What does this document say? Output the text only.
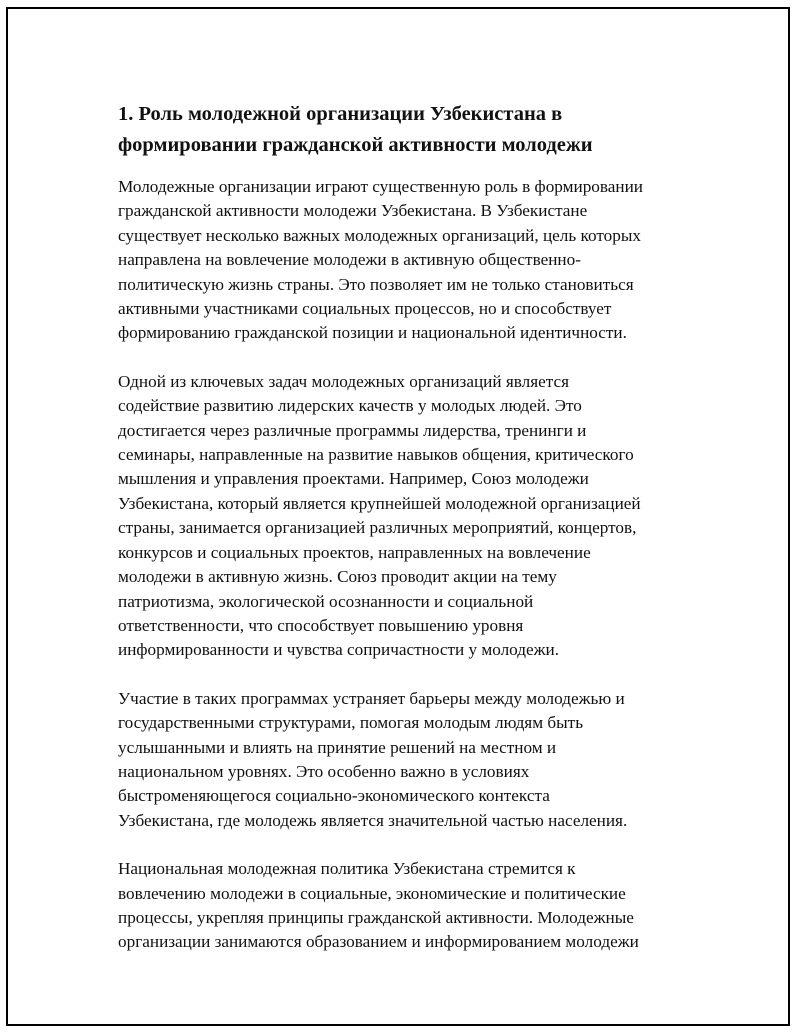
1. Роль молодежной организации Узбекистана в
формировании гражданской активности молодежи

Молодежные организации играют существенную роль в формировании
гражданской активности молодежи Узбекистана. В Узбекистане
существует несколько важных молодежных организаций, цель которых
направлена на вовлечение молодежи в активную общественно-
политическую жизнь страны. Это позволяет им не только становиться
активными участниками социальных процессов, но и способствует
формированию гражданской позиции и национальной идентичности.

Одной из ключевых задач молодежных организаций является
содействие развитию лидерских качеств у молодых людей. Это
достигается через различные программы лидерства, тренинги и
семинары, направленные на развитие навыков общения, критического
мышления и управления проектами. Например, Союз молодежи
Узбекистана, который является крупнейшей молодежной организацией
страны, занимается организацией различных мероприятий, концертов,
конкурсов и социальных проектов, направленных на вовлечение
молодежи в активную жизнь. Союз проводит акции на тему
патриотизма, экологической осознанности и социальной
ответственности, что способствует повышению уровня
информированности и чувства сопричастности у молодежи.

Участие в таких программах устраняет барьеры между молодежью и
государственными структурами, помогая молодым людям быть
услышанными и влиять на принятие решений на местном и
национальном уровнях. Это особенно важно в условиях
быстроменяющегося социально-экономического контекста
Узбекистана, где молодежь является значительной частью населения.

Национальная молодежная политика Узбекистана стремится к
вовлечению молодежи в социальные, экономические и политические
процессы, укрепляя принципы гражданской активности. Молодежные
организации занимаются образованием и информированием молодежи
